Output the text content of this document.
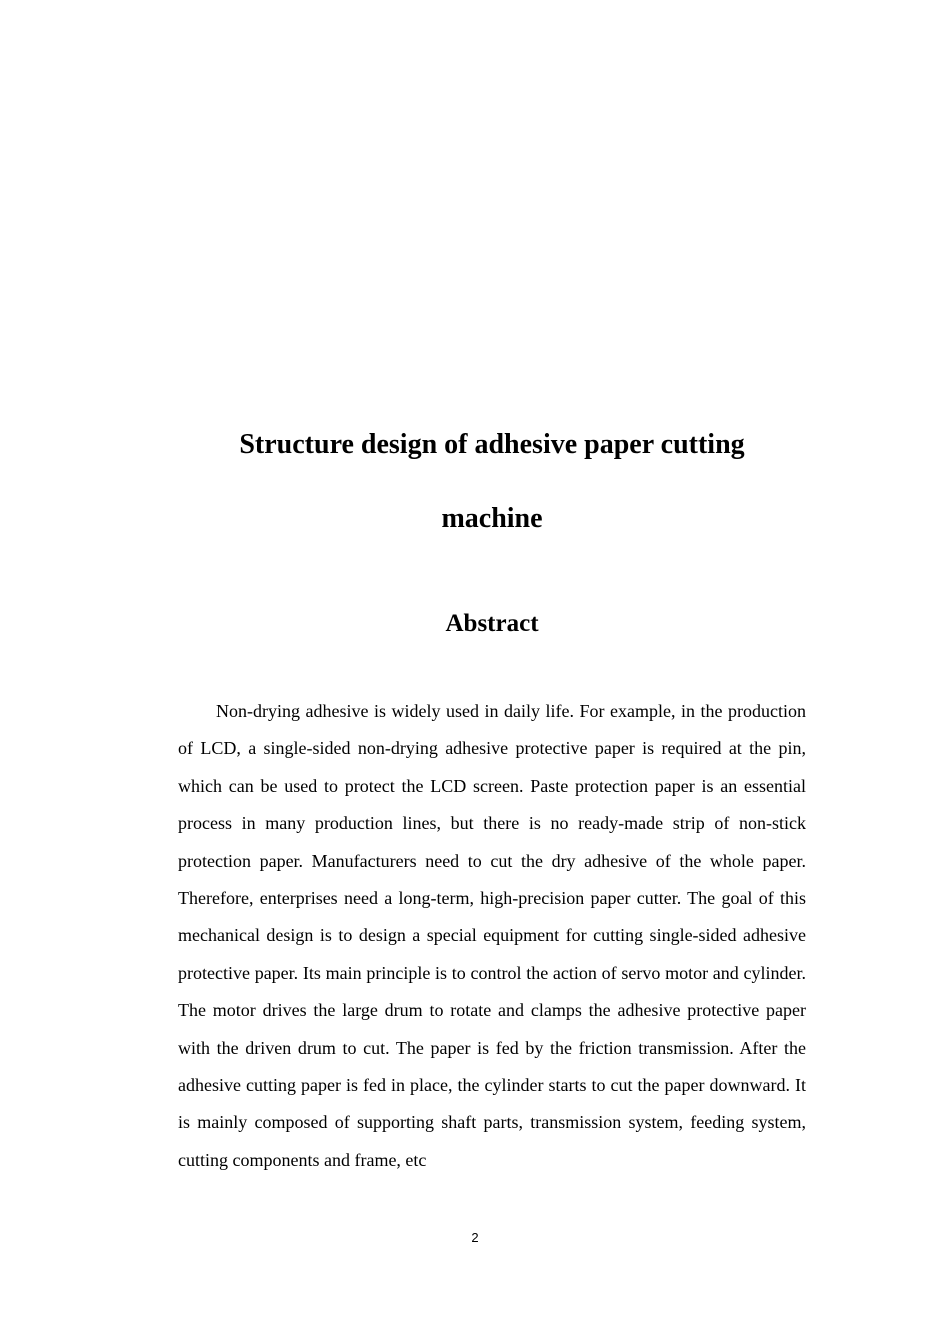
Structure design of adhesive paper cutting
machine
Abstract

Non-drying adhesive is widely used in daily life. For example, in the production of LCD, a single-sided non-drying adhesive protective paper is required at the pin, which can be used to protect the LCD screen. Paste protection paper is an essential process in many production lines, but there is no ready-made strip of non-stick protection paper. Manufacturers need to cut the dry adhesive of the whole paper. Therefore, enterprises need a long-term, high-precision paper cutter. The goal of this mechanical design is to design a special equipment for cutting single-sided adhesive protective paper. Its main principle is to control the action of servo motor and cylinder. The motor drives the large drum to rotate and clamps the adhesive protective paper with the driven drum to cut. The paper is fed by the friction transmission. After the adhesive cutting paper is fed in place, the cylinder starts to cut the paper downward. It is mainly composed of supporting shaft parts, transmission system, feeding system, cutting components and frame, etc

2
